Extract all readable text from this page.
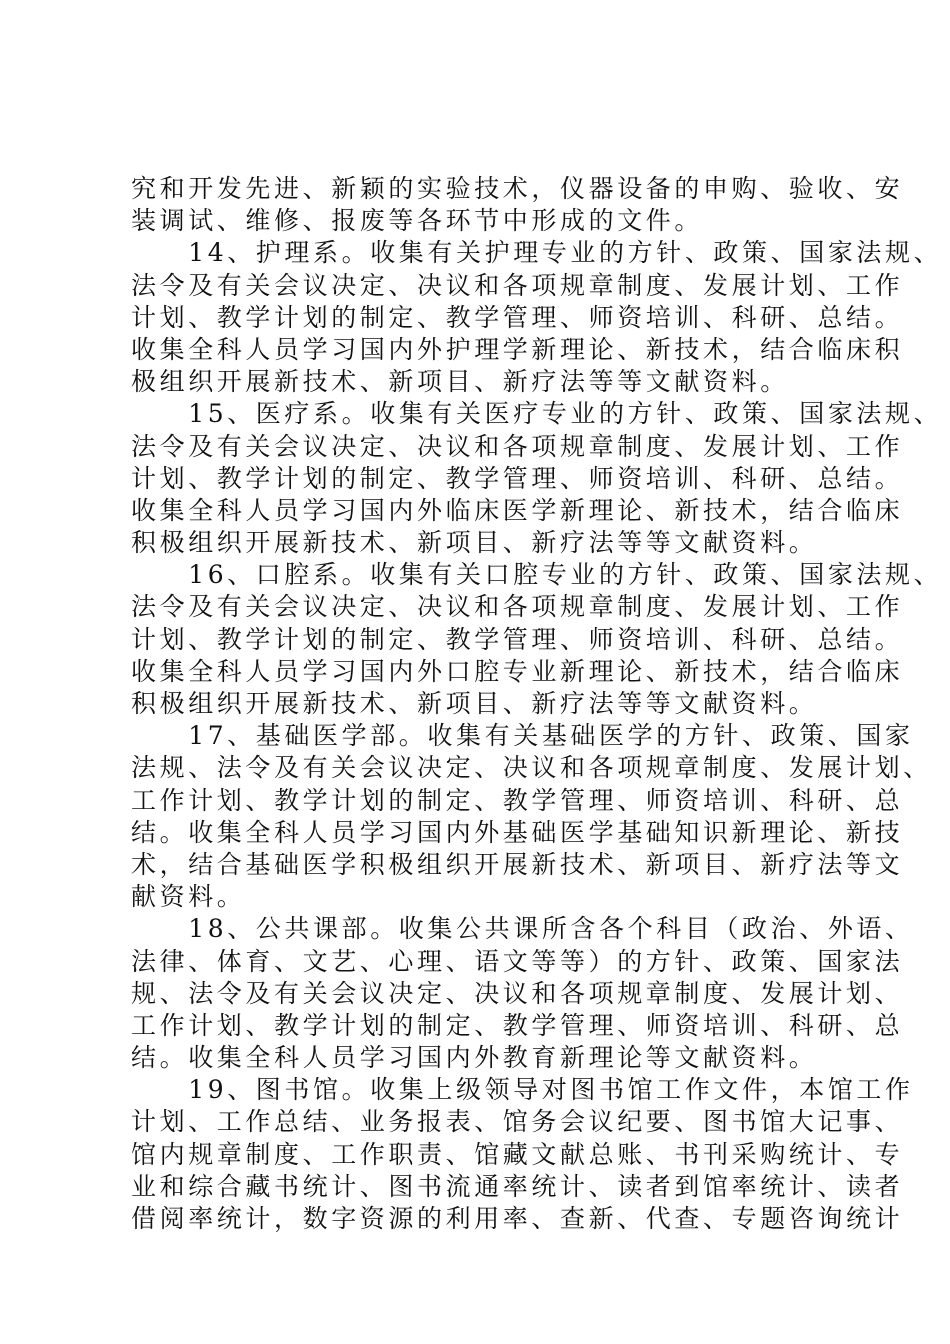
究和开发先进、新颖的实验技术，仪器设备的申购、验收、安
装调试、维修、报废等各环节中形成的文件。
　　14、护理系。收集有关护理专业的方针、政策、国家法规、
法令及有关会议决定、决议和各项规章制度、发展计划、工作
计划、教学计划的制定、教学管理、师资培训、科研、总结。
收集全科人员学习国内外护理学新理论、新技术，结合临床积
极组织开展新技术、新项目、新疗法等等文献资料。
　　15、医疗系。收集有关医疗专业的方针、政策、国家法规、
法令及有关会议决定、决议和各项规章制度、发展计划、工作
计划、教学计划的制定、教学管理、师资培训、科研、总结。
收集全科人员学习国内外临床医学新理论、新技术，结合临床
积极组织开展新技术、新项目、新疗法等等文献资料。
　　16、口腔系。收集有关口腔专业的方针、政策、国家法规、
法令及有关会议决定、决议和各项规章制度、发展计划、工作
计划、教学计划的制定、教学管理、师资培训、科研、总结。
收集全科人员学习国内外口腔专业新理论、新技术，结合临床
积极组织开展新技术、新项目、新疗法等等文献资料。
　　17、基础医学部。收集有关基础医学的方针、政策、国家
法规、法令及有关会议决定、决议和各项规章制度、发展计划、
工作计划、教学计划的制定、教学管理、师资培训、科研、总
结。收集全科人员学习国内外基础医学基础知识新理论、新技
术，结合基础医学积极组织开展新技术、新项目、新疗法等文
献资料。
　　18、公共课部。收集公共课所含各个科目（政治、外语、
法律、体育、文艺、心理、语文等等）的方针、政策、国家法
规、法令及有关会议决定、决议和各项规章制度、发展计划、
工作计划、教学计划的制定、教学管理、师资培训、科研、总
结。收集全科人员学习国内外教育新理论等文献资料。
　　19、图书馆。收集上级领导对图书馆工作文件，本馆工作
计划、工作总结、业务报表、馆务会议纪要、图书馆大记事、
馆内规章制度、工作职责、馆藏文献总账、书刊采购统计、专
业和综合藏书统计、图书流通率统计、读者到馆率统计、读者
借阅率统计，数字资源的利用率、查新、代查、专题咨询统计
